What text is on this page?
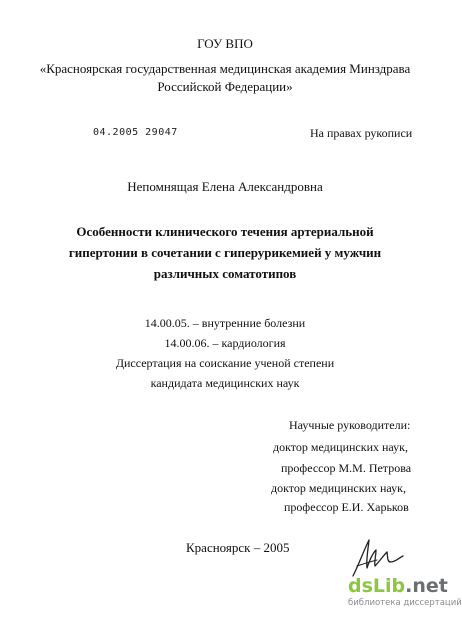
ГОУ ВПО
«Красноярская государственная медицинская академия Минздрава
Российской Федерации»
04.2005 29047	На правах рукописи
Непомнящая Елена Александровна
Особенности клинического течения артериальной
гипертонии в сочетании с гиперурикемией у мужчин
различных соматотипов
14.00.05. – внутренние болезни
14.00.06. – кардиология
Диссертация на соискание ученой степени
кандидата медицинских наук
Научные руководители:
доктор медицинских наук,
профессор М.М. Петрова
доктор медицинских наук,
профессор Е.И. Харьков
Красноярск – 2005
dsLib.net
библиотека диссертаций
